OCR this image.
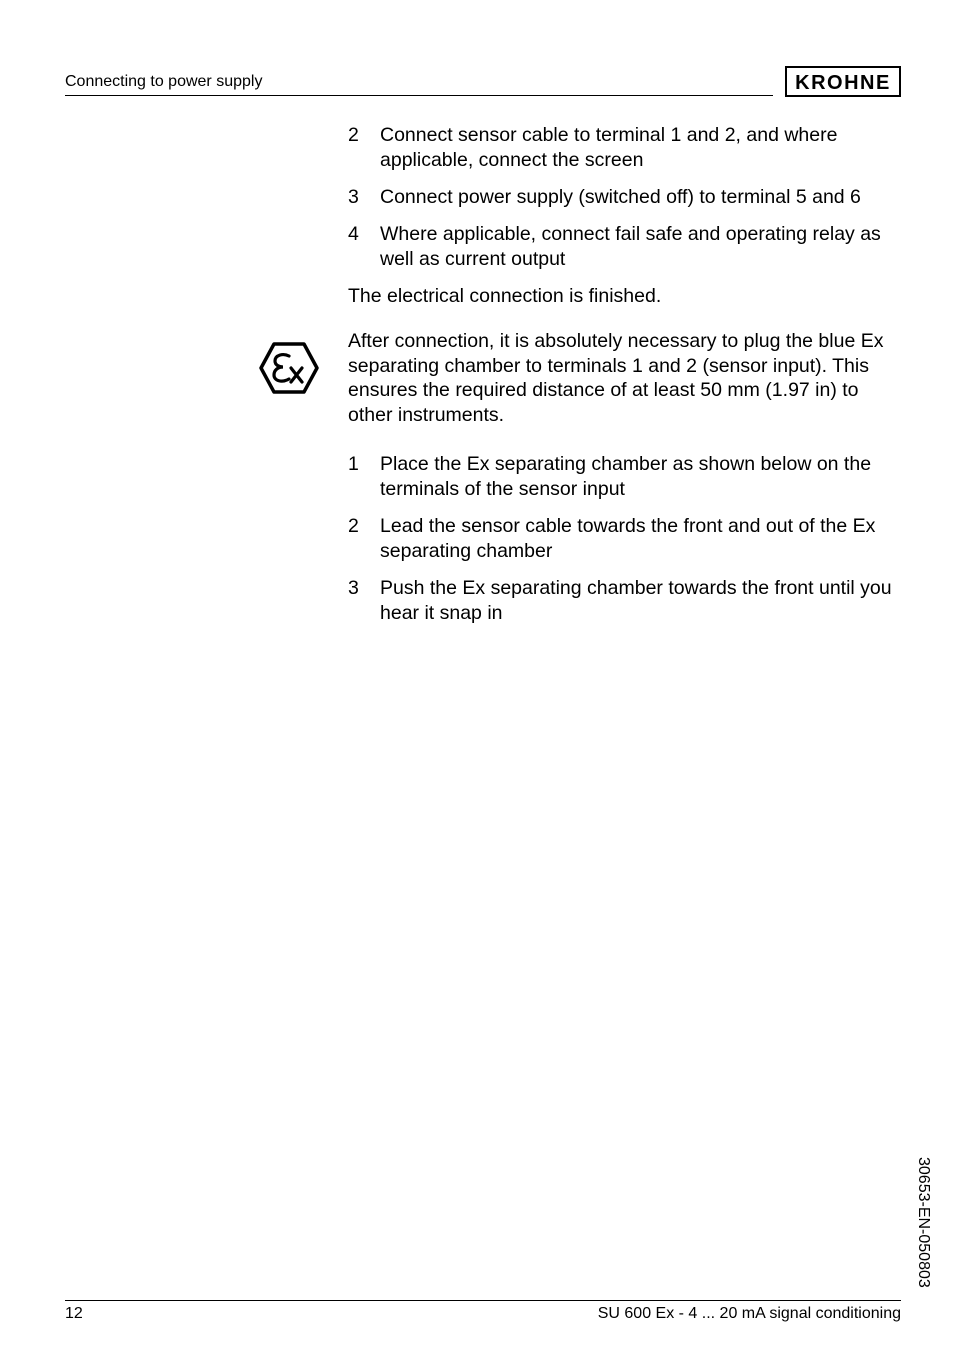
Connecting to power supply	KROHNE
2	Connect sensor cable to terminal 1 and 2, and where applicable, connect the screen
3	Connect power supply (switched off) to terminal 5 and 6
4	Where applicable, connect fail safe and operating relay as well as current output

The electrical connection is finished.

After connection, it is absolutely necessary to plug the blue Ex separating chamber to terminals 1 and 2 (sensor input). This ensures the required distance of at least 50 mm (1.97 in) to other instruments.

1	Place the Ex separating chamber as shown below on the terminals of the sensor input
2	Lead the sensor cable towards the front and out of the Ex separating chamber
3	Push the Ex separating chamber towards the front until you hear it snap in
30653-EN-050803
12	SU 600 Ex - 4 ... 20 mA signal conditioning
